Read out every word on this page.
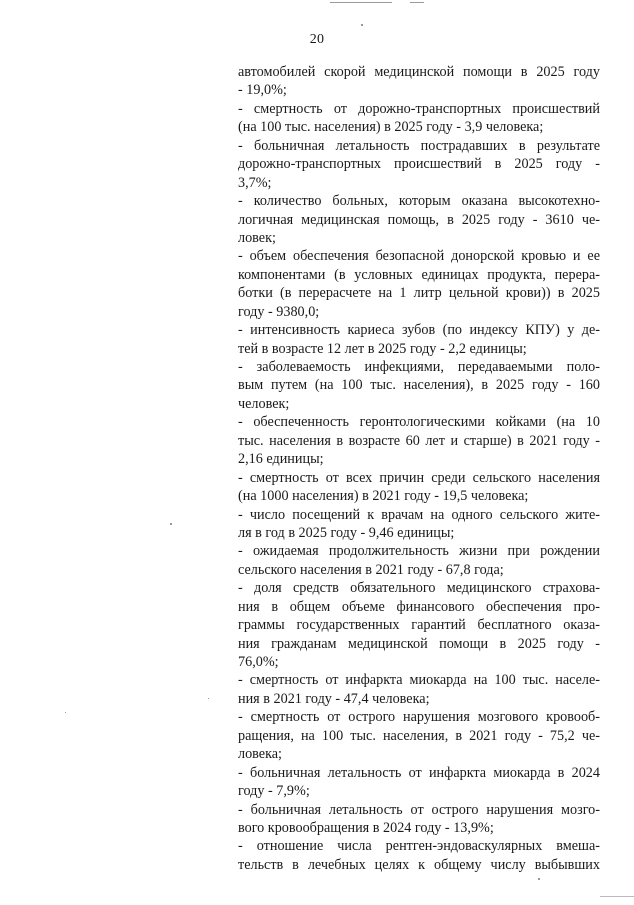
20
автомобилей скорой медицинской помощи в 2025 году
- 19,0%;
- смертность от дорожно-транспортных происшествий
(на 100 тыс. населения) в 2025 году - 3,9 человека;
- больничная летальность пострадавших в результате
дорожно-транспортных происшествий в 2025 году -
3,7%;
- количество больных, которым оказана высокотехно-
логичная медицинская помощь, в 2025 году - 3610 че-
ловек;
- объем обеспечения безопасной донорской кровью и ее
компонентами (в условных единицах продукта, перера-
ботки (в перерасчете на 1 литр цельной крови)) в 2025
году - 9380,0;
- интенсивность кариеса зубов (по индексу КПУ) у де-
тей в возрасте 12 лет в 2025 году - 2,2 единицы;
- заболеваемость инфекциями, передаваемыми поло-
вым путем (на 100 тыс. населения), в 2025 году - 160
человек;
- обеспеченность геронтологическими койками (на 10
тыс. населения в возрасте 60 лет и старше) в 2021 году -
2,16 единицы;
- смертность от всех причин среди сельского населения
(на 1000 населения) в 2021 году - 19,5 человека;
- число посещений к врачам на одного сельского жите-
ля в год в 2025 году - 9,46 единицы;
- ожидаемая продолжительность жизни при рождении
сельского населения в 2021 году - 67,8 года;
- доля средств обязательного медицинского страхова-
ния в общем объеме финансового обеспечения про-
граммы государственных гарантий бесплатного оказа-
ния гражданам медицинской помощи в 2025 году -
76,0%;
- смертность от инфаркта миокарда на 100 тыс. населе-
ния в 2021 году - 47,4 человека;
- смертность от острого нарушения мозгового кровооб-
ращения, на 100 тыс. населения, в 2021 году - 75,2 че-
ловека;
- больничная летальность от инфаркта миокарда в 2024
году - 7,9%;
- больничная летальность от острого нарушения мозго-
вого кровообращения в 2024 году - 13,9%;
- отношение числа рентген-эндоваскулярных вмеша-
тельств в лечебных целях к общему числу выбывших
